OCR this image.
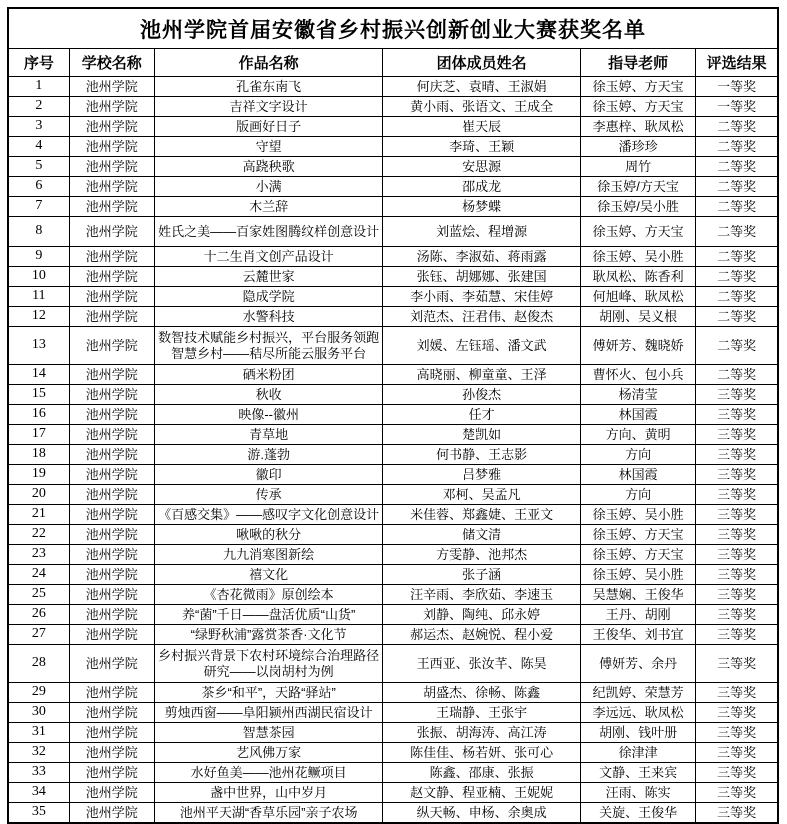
池州学院首届安徽省乡村振兴创新创业大赛获奖名单					
序号	学校名称	作品名称	团体成员姓名	指导老师	评选结果
1	池州学院	孔雀东南飞	何庆芝、袁晴、王淑娟	徐玉婷、方天宝	一等奖
2	池州学院	吉祥文字设计	黄小雨、张语文、王成全	徐玉婷、方天宝	一等奖
3	池州学院	版画好日子	崔天辰	李惠梓、耿凤松	二等奖
4	池州学院	守望	李琦、王颖	潘珍珍	二等奖
5	池州学院	高跷秧歌	安思源	周竹	二等奖
6	池州学院	小满	邵成龙	徐玉婷/方天宝	二等奖
7	池州学院	木兰辞	杨梦蝶	徐玉婷/吴小胜	二等奖
8	池州学院	姓氏之美——百家姓图腾纹样创意设计	刘蓝烩、程增源	徐玉婷、方天宝	二等奖
9	池州学院	十二生肖文创产品设计	汤陈、李淑茹、蒋雨露	徐玉婷、吴小胜	二等奖
10	池州学院	云麓世家	张钰、胡娜娜、张建国	耿凤松、陈香利	二等奖
11	池州学院	隐成学院	李小雨、李茹慧、宋佳婷	何旭峰、耿凤松	二等奖
12	池州学院	水警科技	刘范杰、汪君伟、赵俊杰	胡刚、吴义根	二等奖
13	池州学院	数智技术赋能乡村振兴，平台服务领跑智慧乡村——秸尽所能云服务平台	刘媛、左钰瑶、潘文武	傅妍芳、魏晓娇	二等奖
14	池州学院	硒米粉团	高晓丽、柳童童、王泽	曹怀火、包小兵	二等奖
15	池州学院	秋收	孙俊杰	杨清莹	三等奖
16	池州学院	映像--徽州	任才	林国霞	三等奖
17	池州学院	青草地	楚凯如	方向、黄明	三等奖
18	池州学院	游.蓬勃	何书静、王志影	方向	三等奖
19	池州学院	徽印	吕梦雅	林国霞	三等奖
20	池州学院	传承	邓柯、吴孟凡	方向	三等奖
21	池州学院	《百感交集》——感叹字文化创意设计	米佳蓉、郑鑫婕、王亚文	徐玉婷、吴小胜	三等奖
22	池州学院	啾啾的秋分	储文清	徐玉婷、方天宝	三等奖
23	池州学院	九九消寒图新绘	方雯静、池邦杰	徐玉婷、方天宝	三等奖
24	池州学院	禧文化	张子涵	徐玉婷、吴小胜	三等奖
25	池州学院	《杏花微雨》原创绘本	汪辛雨、李欣茹、李速玉	吴慧娴、王俊华	三等奖
26	池州学院	养“菌”千日——盘活优质“山货”	刘静、陶纯、邱永婷	王丹、胡刚	三等奖
27	池州学院	“绿野秋浦”露赏茶香·文化节	郝运杰、赵婉悦、程小爱	王俊华、刘书宜	三等奖
28	池州学院	乡村振兴背景下农村环境综合治理路径研究——以岗胡村为例	王西亚、张汝芊、陈昊	傅妍芳、余丹	三等奖
29	池州学院	茶乡“和平”，天路“驿站”	胡盛杰、徐畅、陈鑫	纪凯婷、荣慧芳	三等奖
30	池州学院	剪烛西窗——阜阳颍州西湖民宿设计	王瑞静、王张宇	李远远、耿凤松	三等奖
31	池州学院	智慧茶园	张振、胡海涛、高江涛	胡刚、钱叶册	三等奖
32	池州学院	艺风佛万家	陈佳佳、杨若妍、张可心	徐津津	三等奖
33	池州学院	水好鱼美——池州花鳜项目	陈鑫、邵康、张振	文静、王来宾	三等奖
34	池州学院	盏中世界，山中岁月	赵文静、程亚楠、王妮妮	汪雨、陈实	三等奖
35	池州学院	池州平天湖“香草乐园”亲子农场	纵天畅、申杨、余奥成	关旋、王俊华	三等奖
